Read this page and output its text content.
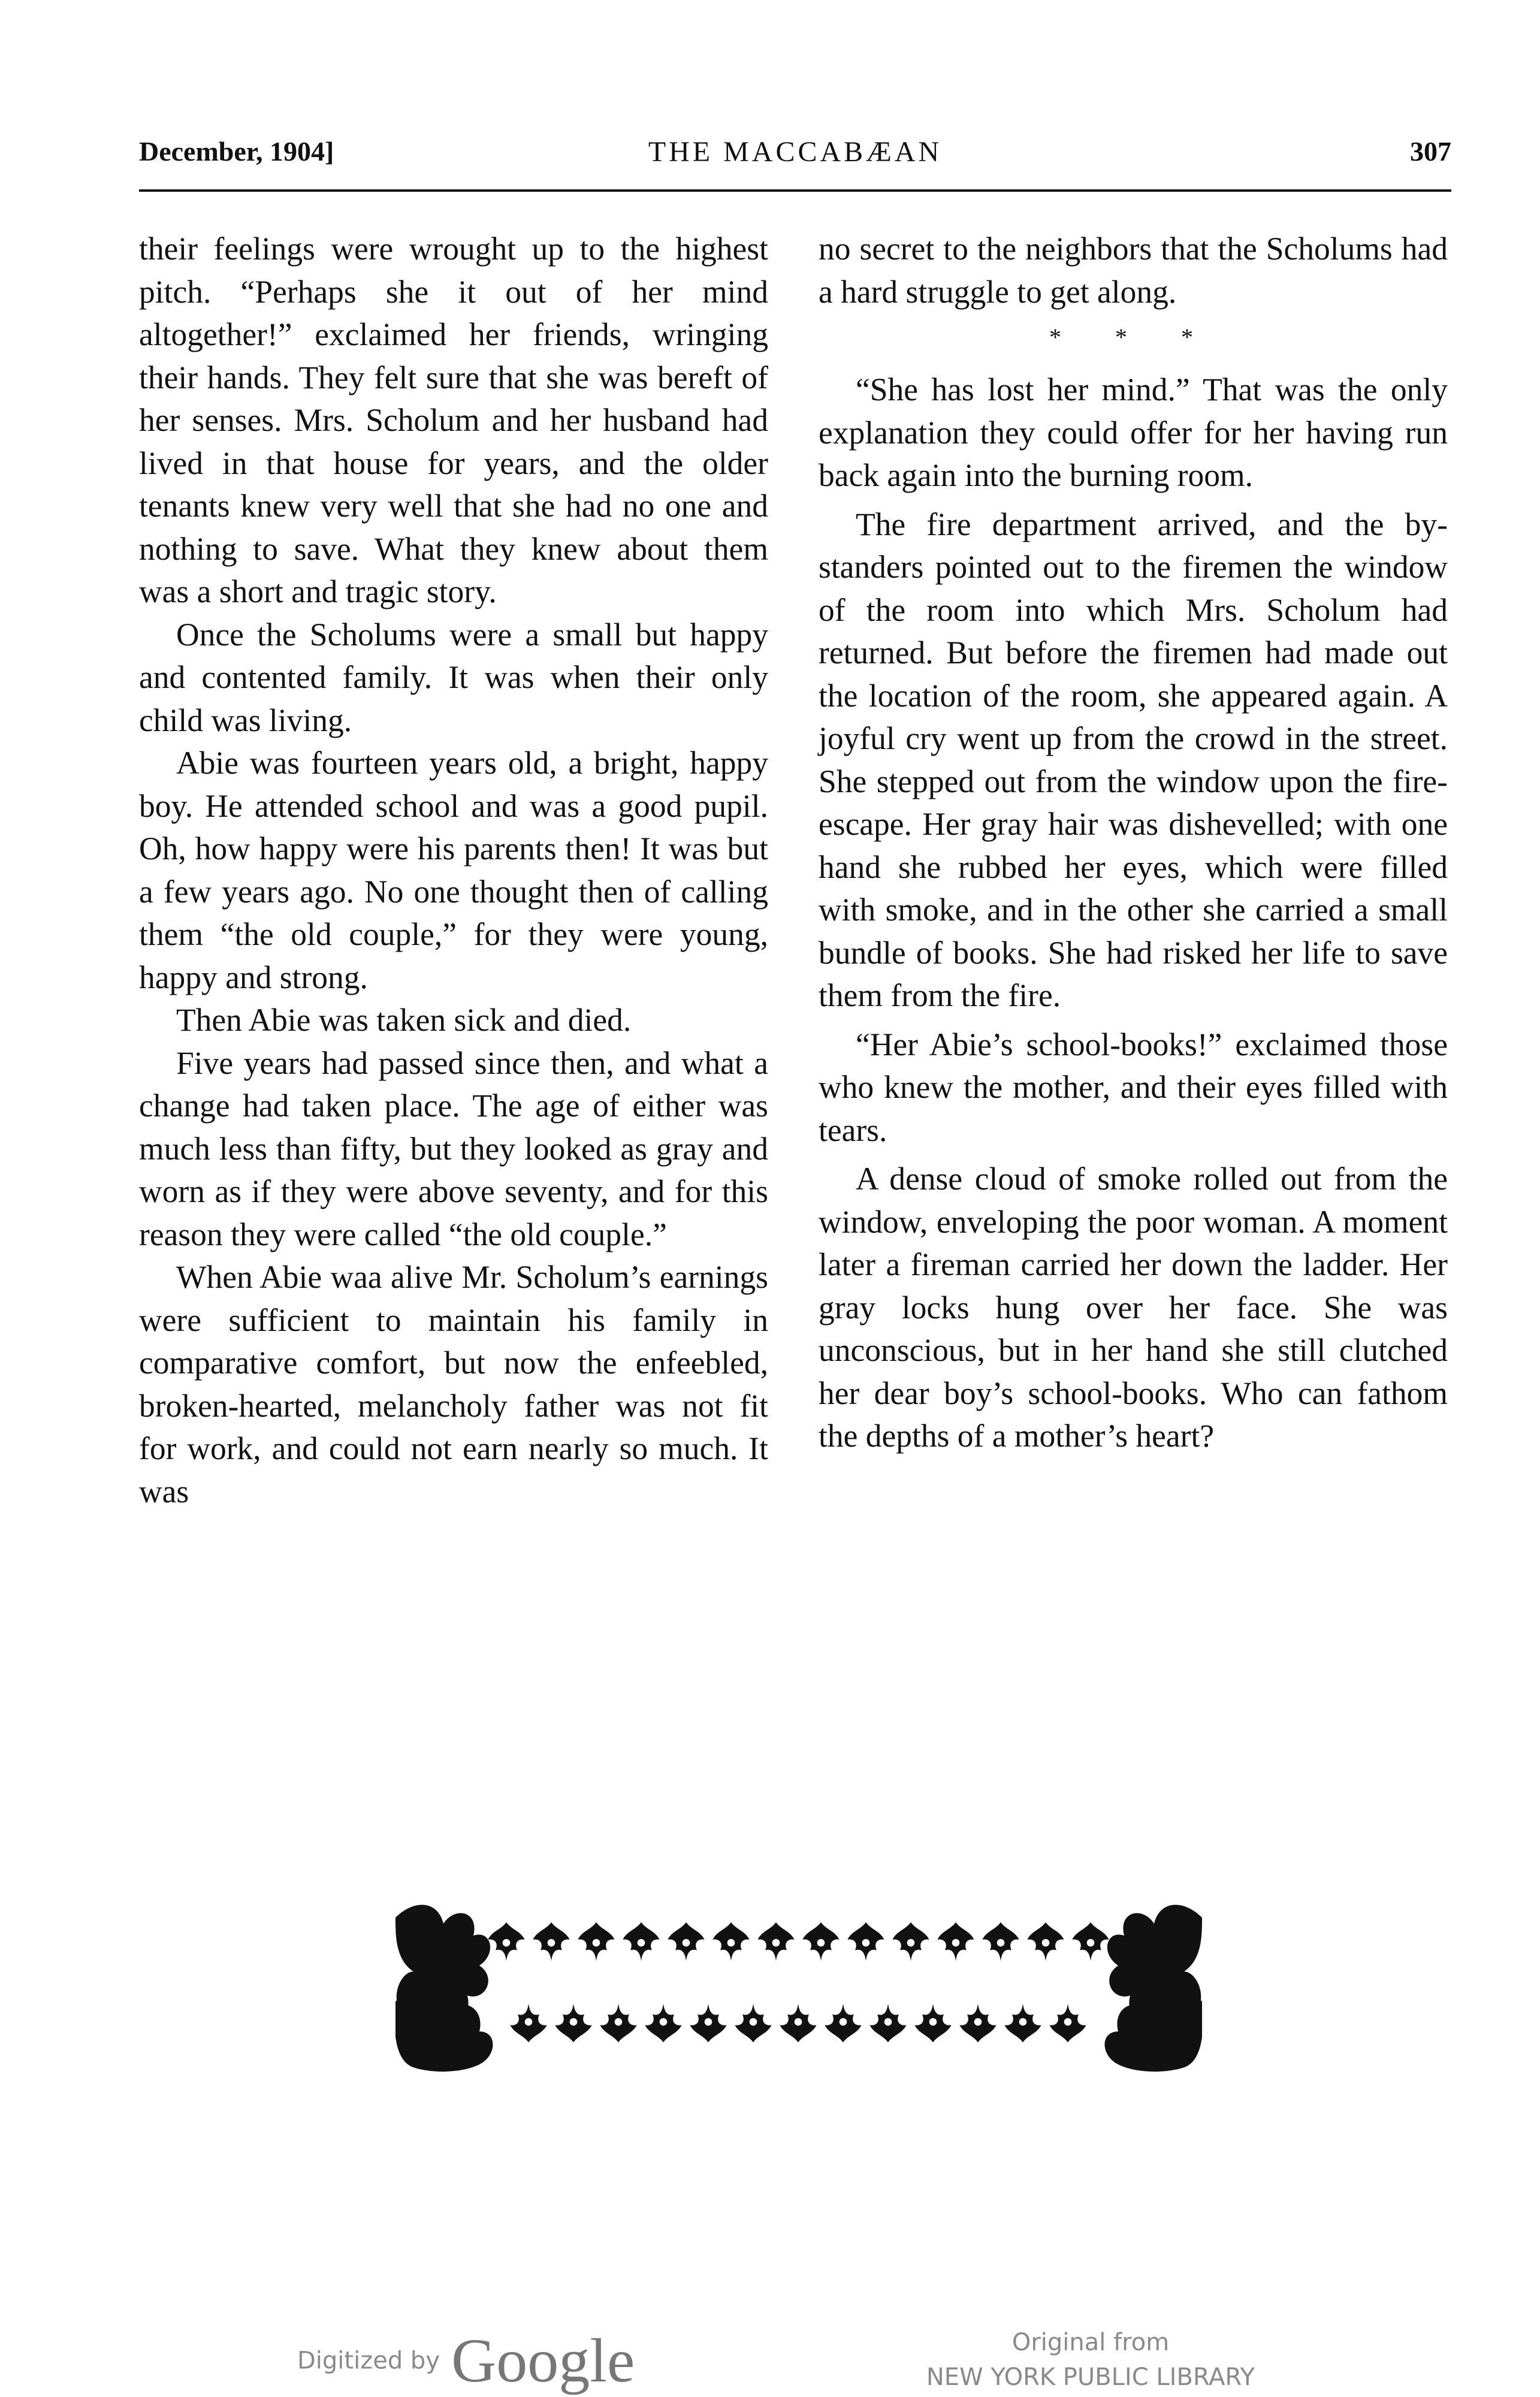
December, 1904]	THE MACCABÆAN	307

their feelings were wrought up to the highest pitch. “Perhaps she it out of her mind altogether!” exclaimed her friends, wringing their hands. They felt sure that she was bereft of her senses. Mrs. Scholum and her husband had lived in that house for years, and the older tenants knew very well that she had no one and nothing to save. What they knew about them was a short and tragic story.

Once the Scholums were a small but happy and contented family. It was when their only child was living.

Abie was fourteen years old, a bright, happy boy. He attended school and was a good pupil. Oh, how happy were his parents then! It was but a few years ago. No one thought then of calling them “the old couple,” for they were young, happy and strong.

Then Abie was taken sick and died.

Five years had passed since then, and what a change had taken place. The age of either was much less than fifty, but they looked as gray and worn as if they were above seventy, and for this reason they were called “the old couple.”

When Abie waa alive Mr. Scholum’s earnings were sufficient to maintain his family in comparative comfort, but now the enfeebled, broken-hearted, melancholy father was not fit for work, and could not earn nearly so much. It was

no secret to the neighbors that the Scholums had a hard struggle to get along.

* * *

“She has lost her mind.” That was the only explanation they could offer for her having run back again into the burning room.

The fire department arrived, and the by-standers pointed out to the firemen the window of the room into which Mrs. Scholum had returned. But before the firemen had made out the location of the room, she appeared again. A joyful cry went up from the crowd in the street. She stepped out from the window upon the fire-escape. Her gray hair was dishevelled; with one hand she rubbed her eyes, which were filled with smoke, and in the other she carried a small bundle of books. She had risked her life to save them from the fire.

“Her Abie’s school-books!” exclaimed those who knew the mother, and their eyes filled with tears.

A dense cloud of smoke rolled out from the window, enveloping the poor woman. A moment later a fireman carried her down the ladder. Her gray locks hung over her face. She was unconscious, but in her hand she still clutched her dear boy’s school-books. Who can fathom the depths of a mother’s heart?

Digitized by Google	Original from
NEW YORK PUBLIC LIBRARY
